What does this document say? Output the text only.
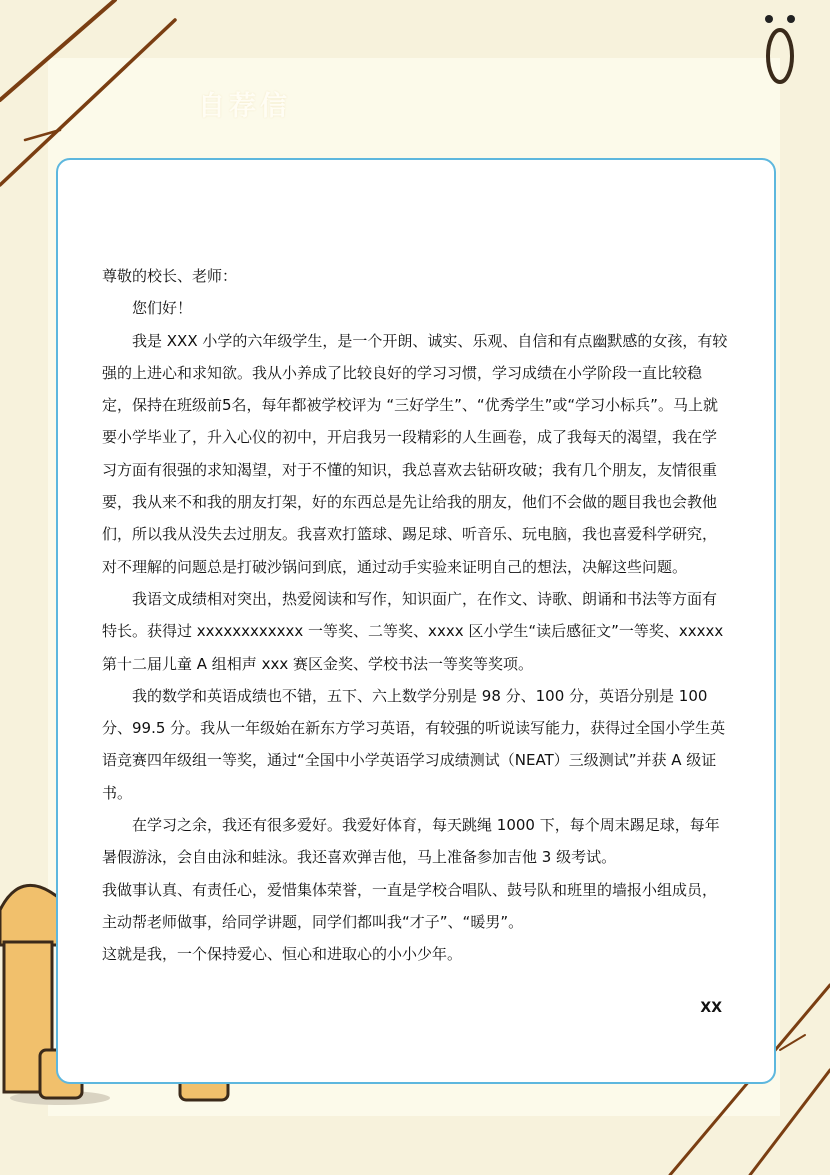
自荐信

尊敬的校长、老师：

您们好！

我是 XXX 小学的六年级学生，是一个开朗、诚实、乐观、自信和有点幽默感的女孩，有较强的上进心和求知欲。我从小养成了比较良好的学习习惯，学习成绩在小学阶段一直比较稳定，保持在班级前5名，每年都被学校评为 “三好学生”、“优秀学生”或“学习小标兵”。马上就要小学毕业了，升入心仪的初中，开启我另一段精彩的人生画卷，成了我每天的渴望，我在学习方面有很强的求知渴望，对于不懂的知识，我总喜欢去钻研攻破；我有几个朋友，友情很重要，我从来不和我的朋友打架，好的东西总是先让给我的朋友，他们不会做的题目我也会教他们，所以我从没失去过朋友。我喜欢打篮球、踢足球、听音乐、玩电脑，我也喜爱科学研究，对不理解的问题总是打破沙锅问到底，通过动手实验来证明自己的想法，决解这些问题。

我语文成绩相对突出，热爱阅读和写作，知识面广，在作文、诗歌、朗诵和书法等方面有特长。获得过 xxxxxxxxxxxx 一等奖、二等奖、xxxx 区小学生“读后感征文”一等奖、xxxxx 第十二届儿童 A 组相声 xxx 赛区金奖、学校书法一等奖等奖项。

我的数学和英语成绩也不错，五下、六上数学分别是 98 分、100 分，英语分别是 100 分、99.5 分。我从一年级始在新东方学习英语，有较强的听说读写能力，获得过全国小学生英语竞赛四年级组一等奖，通过“全国中小学英语学习成绩测试（NEAT）三级测试”并获 A 级证书。

在学习之余，我还有很多爱好。我爱好体育，每天跳绳 1000 下，每个周末踢足球，每年暑假游泳，会自由泳和蛙泳。我还喜欢弹吉他，马上准备参加吉他 3 级考试。

我做事认真、有责任心，爱惜集体荣誉，一直是学校合唱队、鼓号队和班里的墙报小组成员，主动帮老师做事，给同学讲题，同学们都叫我“才子”、“暖男”。

这就是我，一个保持爱心、恒心和进取心的小小少年。

XX
